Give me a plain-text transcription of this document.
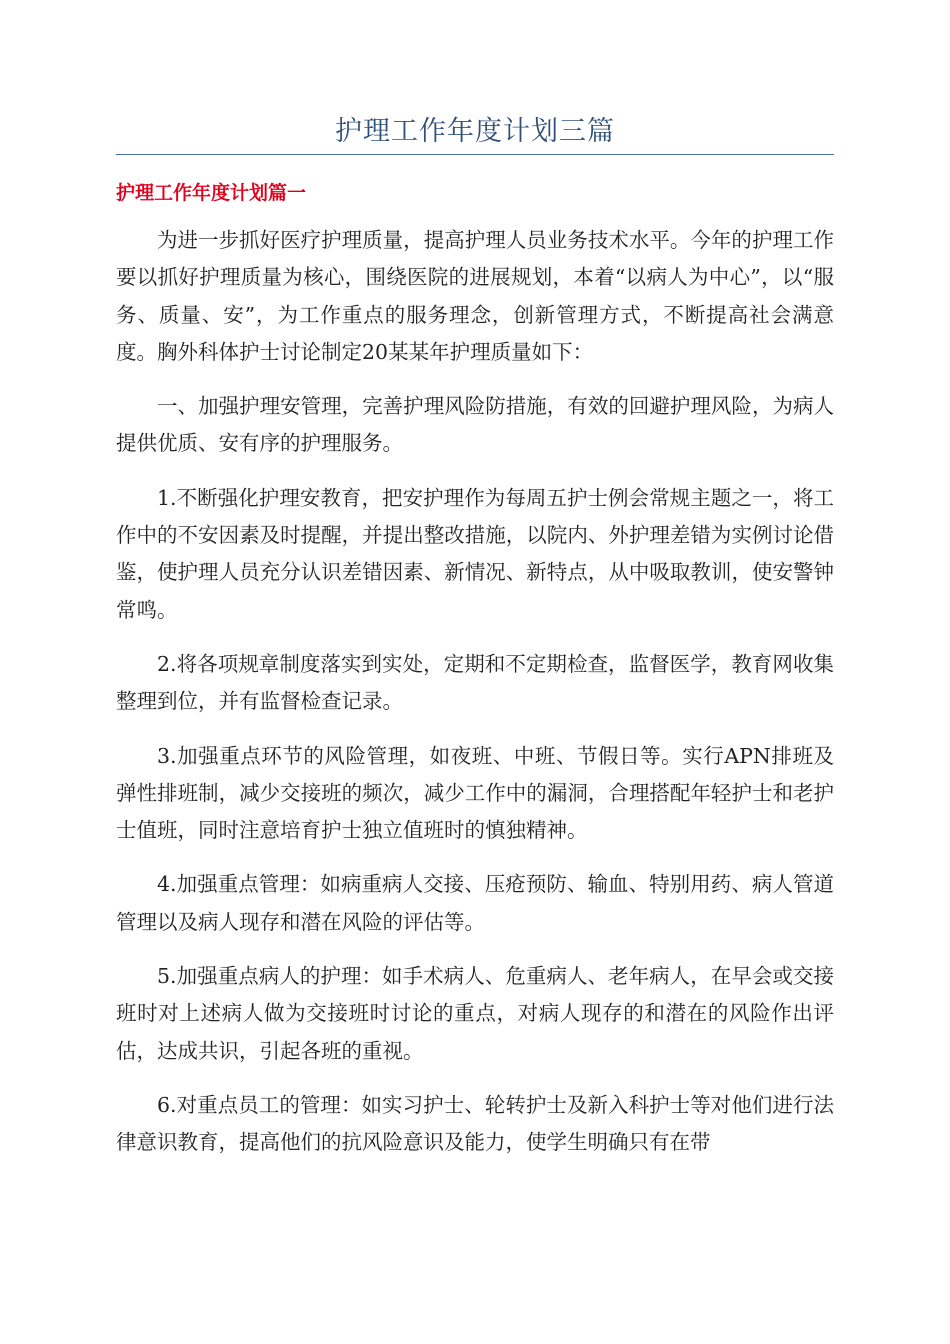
护理工作年度计划三篇
护理工作年度计划篇一

为进一步抓好医疗护理质量，提高护理人员业务技术水平。今年的护理工作要以抓好护理质量为核心，围绕医院的进展规划，本着“以病人为中心”，以“服务、质量、安”，为工作重点的服务理念，创新管理方式，不断提高社会满意度。胸外科体护士讨论制定20某某年护理质量如下：

一、加强护理安管理，完善护理风险防措施，有效的回避护理风险，为病人提供优质、安有序的护理服务。

1.不断强化护理安教育，把安护理作为每周五护士例会常规主题之一，将工作中的不安因素及时提醒，并提出整改措施，以院内、外护理差错为实例讨论借鉴，使护理人员充分认识差错因素、新情况、新特点，从中吸取教训，使安警钟常鸣。

2.将各项规章制度落实到实处，定期和不定期检查，监督医学，教育网收集整理到位，并有监督检查记录。

3.加强重点环节的风险管理，如夜班、中班、节假日等。实行APN排班及弹性排班制，减少交接班的频次，减少工作中的漏洞，合理搭配年轻护士和老护士值班，同时注意培育护士独立值班时的慎独精神。

4.加强重点管理：如病重病人交接、压疮预防、输血、特别用药、病人管道管理以及病人现存和潜在风险的评估等。

5.加强重点病人的护理：如手术病人、危重病人、老年病人，在早会或交接班时对上述病人做为交接班时讨论的重点，对病人现存的和潜在的风险作出评估，达成共识，引起各班的重视。

6.对重点员工的管理：如实习护士、轮转护士及新入科护士等对他们进行法律意识教育，提高他们的抗风险意识及能力，使学生明确只有在带
